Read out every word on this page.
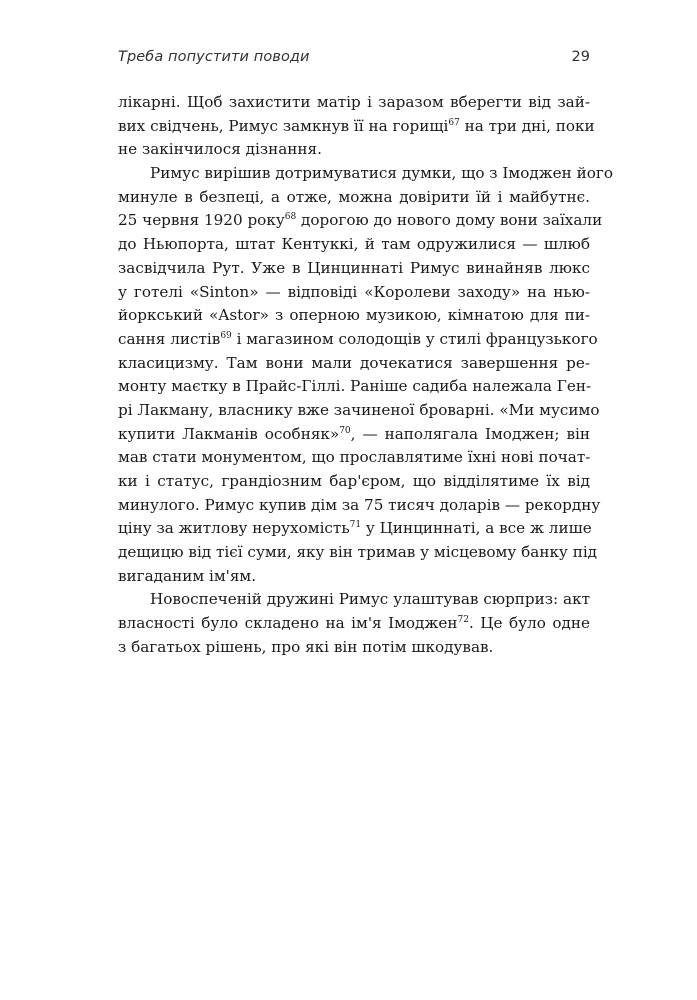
Треба попустити поводи	29
лікарні. Щоб захистити матір і заразом вберегти від зай-
вих свідчень, Римус замкнув її на горищі$^{67}$ на три дні, поки
не закінчилося дізнання.
Римус вирішив дотримуватися думки, що з Імоджен його
минуле в безпеці, а отже, можна довірити їй і майбутнє.
25 червня 1920 року$^{68}$ дорогою до нового дому вони заїхали
до Ньюпорта, штат Кентуккі, й там одружилися — шлюб
засвідчила Рут. Уже в Цинциннаті Римус винайняв люкс
у готелі «Sinton» — відповіді «Королеви заходу» на нью-
йоркський «Astor» з оперною музикою, кімнатою для пи-
сання листів$^{69}$ і магазином солодощів у стилі французького
класицизму. Там вони мали дочекатися завершення ре-
монту маєтку в Прайс-Гіллі. Раніше садиба належала Ген-
рі Лакману, власнику вже зачиненої броварні. «Ми мусимо
купити Лакманів особняк»$^{70}$, — наполягала Імоджен; він
мав стати монументом, що прославлятиме їхні нові почат-
ки і статус, грандіозним бар'єром, що відділятиме їх від
минулого. Римус купив дім за 75 тисяч доларів — рекордну
ціну за житлову нерухомість$^{71}$ у Цинциннаті, а все ж лише
дещицю від тієї суми, яку він тримав у місцевому банку під
вигаданим ім'ям.
Новоспеченій дружині Римус улаштував сюрприз: акт
власності було складено на ім'я Імоджен$^{72}$. Це було одне
з багатьох рішень, про які він потім шкодував.
